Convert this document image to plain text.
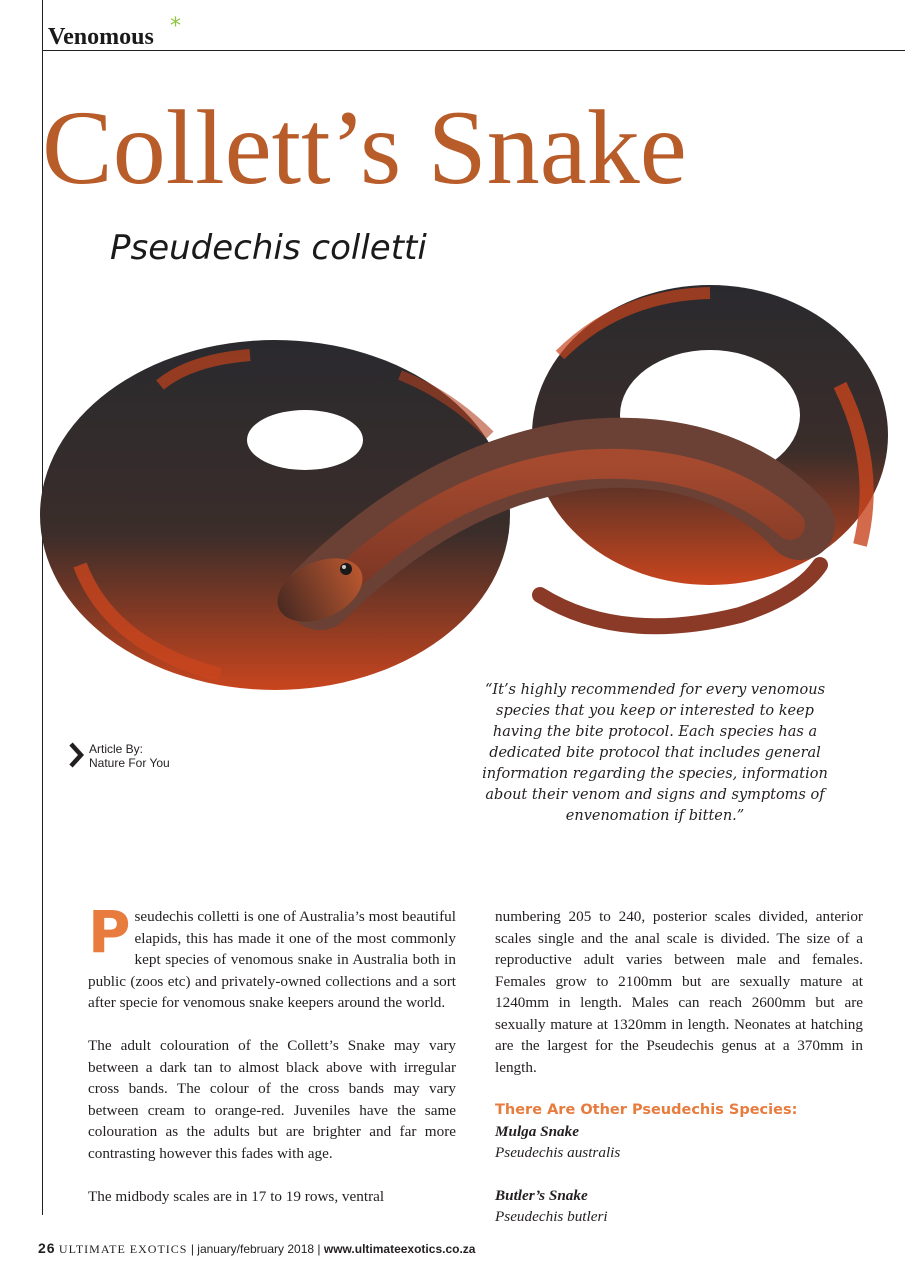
Venomous *
Collett’s Snake
Pseudechis colletti
Article By:
Nature For You
“It’s highly recommended for every venomous species that you keep or interested to keep having the bite protocol. Each species has a dedicated bite protocol that includes general information regarding the species, information about their venom and signs and symptoms of envenomation if bitten.”

Pseudechis colletti is one of Australia’s most beautiful elapids, this has made it one of the most commonly kept species of venomous snake in Australia both in public (zoos etc) and privately-owned collections and a sort after specie for venomous snake keepers around the world.

The adult colouration of the Collett’s Snake may vary between a dark tan to almost black above with irregular cross bands. The colour of the cross bands may vary between cream to orange-red. Juveniles have the same colouration as the adults but are brighter and far more contrasting however this fades with age.

The midbody scales are in 17 to 19 rows, ventral

numbering 205 to 240, posterior scales divided, anterior scales single and the anal scale is divided. The size of a reproductive adult varies between male and females. Females grow to 2100mm but are sexually mature at 1240mm in length. Males can reach 2600mm but are sexually mature at 1320mm in length. Neonates at hatching are the largest for the Pseudechis genus at a 370mm in length.

There Are Other Pseudechis Species:
Mulga Snake
Pseudechis australis
Butler’s Snake
Pseudechis butleri
26 ULTIMATE EXOTICS | january/february 2018 | www.ultimateexotics.co.za
